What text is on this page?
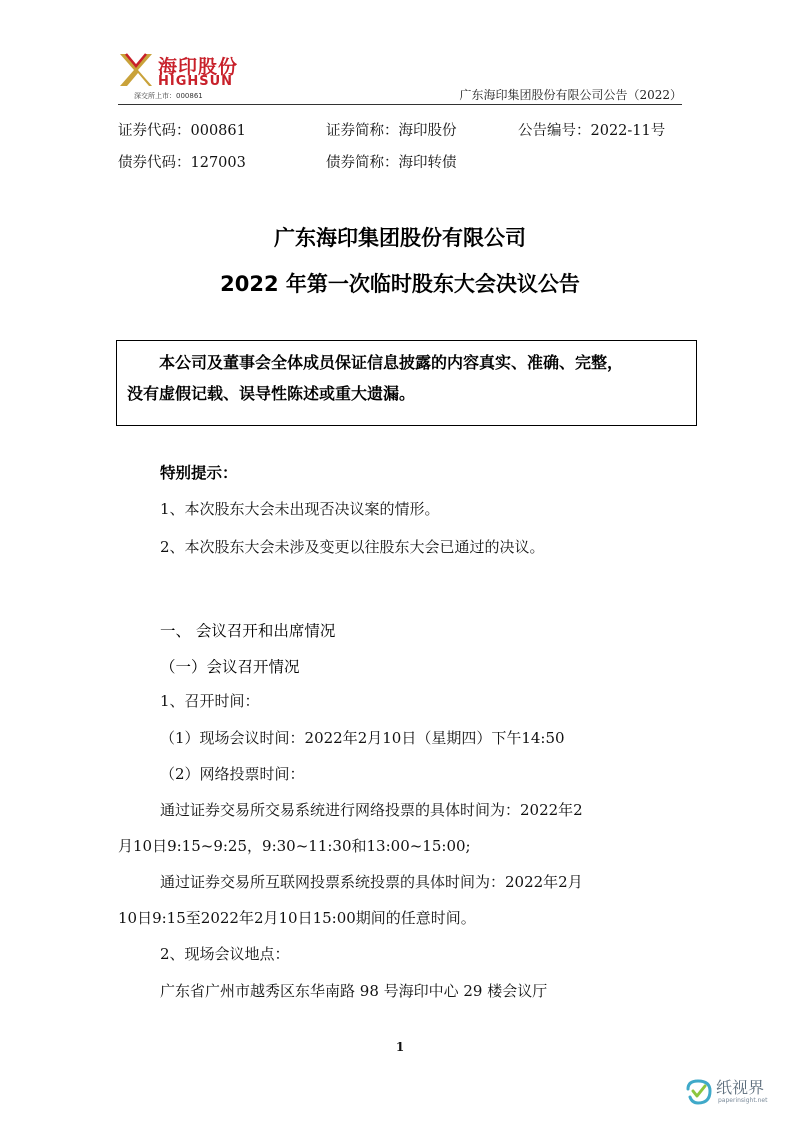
海印股份
HIGHSUN
深交所上市：000861	广东海印集团股份有限公司公告（2022）
证券代码：000861	证券简称：海印股份	公告编号：2022-11号
债券代码：127003	债券简称：海印转债
广东海印集团股份有限公司
2022 年第一次临时股东大会决议公告
本公司及董事会全体成员保证信息披露的内容真实、准确、完整，
没有虚假记载、误导性陈述或重大遗漏。
特别提示：
1、本次股东大会未出现否决议案的情形。
2、本次股东大会未涉及变更以往股东大会已通过的决议。
一、 会议召开和出席情况
（一）会议召开情况
1、召开时间：
（1）现场会议时间：2022年2月10日（星期四）下午14:50
（2）网络投票时间：
通过证券交易所交易系统进行网络投票的具体时间为：2022年2
月10日9:15~9:25，9:30~11:30和13:00~15:00;
通过证券交易所互联网投票系统投票的具体时间为：2022年2月
10日9:15至2022年2月10日15:00期间的任意时间。
2、现场会议地点：
广东省广州市越秀区东华南路 98 号海印中心 29 楼会议厅
1
纸视界
paperinsight.net
